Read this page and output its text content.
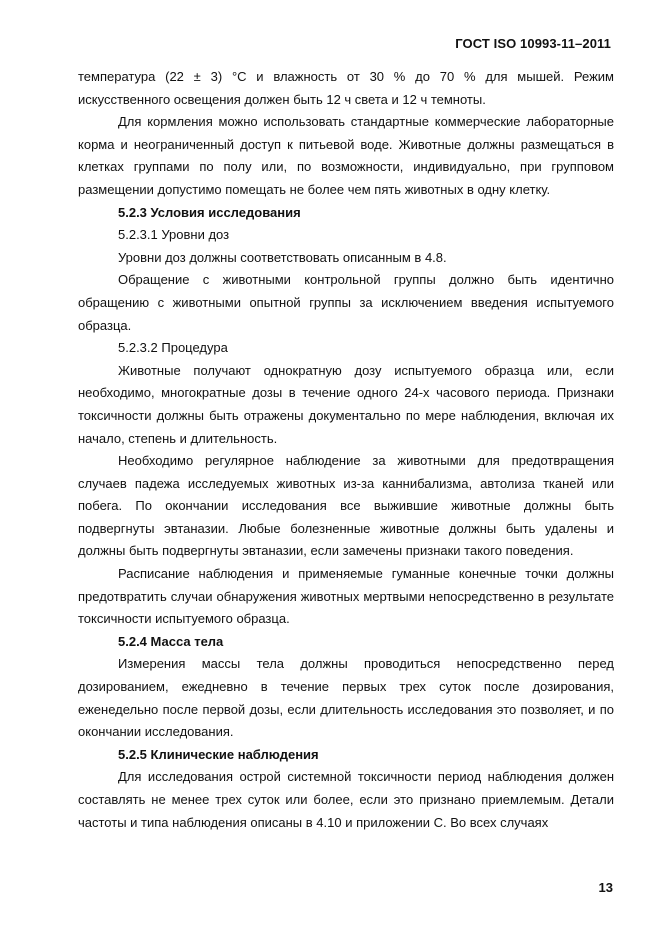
ГОСТ ISO 10993-11–2011

температура (22 ± 3) °С и влажность от 30 % до 70 % для мышей. Режим искусственного освещения должен быть 12 ч света и 12 ч темноты.

Для кормления можно использовать стандартные коммерческие лабораторные корма и неограниченный доступ к питьевой воде. Животные должны размещаться в клетках группами по полу или, по возможности, индивидуально, при групповом размещении допустимо помещать не более чем пять животных в одну клетку.

5.2.3 Условия исследования

5.2.3.1 Уровни доз

Уровни доз должны соответствовать описанным в 4.8.

Обращение с животными контрольной группы должно быть идентично обращению с животными опытной группы за исключением введения испытуемого образца.

5.2.3.2 Процедура

Животные получают однократную дозу испытуемого образца или, если необходимо, многократные дозы в течение одного 24-х часового периода. Признаки токсичности должны быть отражены документально по мере наблюдения, включая их начало, степень и длительность.

Необходимо регулярное наблюдение за животными для предотвращения случаев падежа исследуемых животных из-за каннибализма, автолиза тканей или побега. По окончании исследования все выжившие животные должны быть подвергнуты эвтаназии. Любые болезненные животные должны быть удалены и должны быть подвергнуты эвтаназии, если замечены признаки такого поведения.

Расписание наблюдения и применяемые гуманные конечные точки должны предотвратить случаи обнаружения животных мертвыми непосредственно в результате токсичности испытуемого образца.

5.2.4 Масса тела

Измерения массы тела должны проводиться непосредственно перед дозированием, ежедневно в течение первых трех суток после дозирования, еженедельно после первой дозы, если длительность исследования это позволяет, и по окончании исследования.

5.2.5 Клинические наблюдения

Для исследования острой системной токсичности период наблюдения должен составлять не менее трех суток или более, если это признано приемлемым. Детали частоты и типа наблюдения описаны в 4.10 и приложении С. Во всех случаях

13
